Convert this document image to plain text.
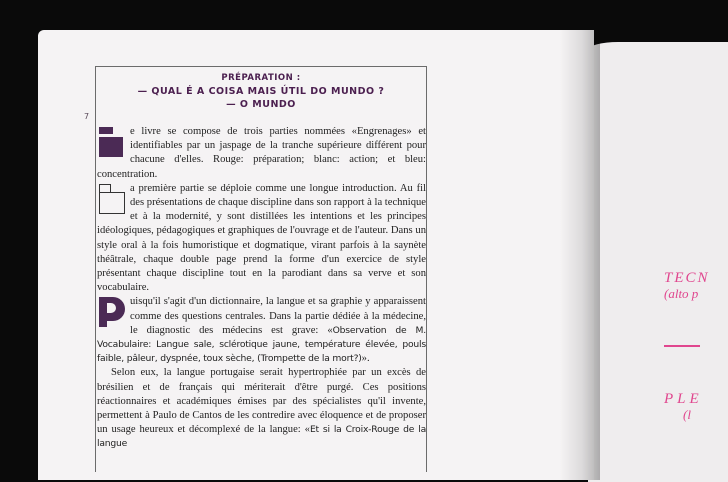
PRÉPARATION :
— QUAL É A COISA MAIS ÚTIL DO MUNDO ?
— O MUNDO
7

e livre se compose de trois parties nommées «Engrenages» et identifiables par un jaspage de la tranche supérieure différent pour chacune d'elles. Rouge: préparation; blanc: action; et bleu: concentration.

a première partie se déploie comme une longue introduction. Au fil des présentations de chaque discipline dans son rapport à la technique et à la modernité, y sont distillées les intentions et les principes idéologiques, pédagogiques et graphiques de l'ouvrage et de l'auteur. Dans un style oral à la fois humoristique et dogmatique, virant parfois à la saynète théâtrale, chaque double page prend la forme d'un exercice de style présentant chaque discipline tout en la parodiant dans sa verve et son vocabulaire.

uisqu'il s'agit d'un dictionnaire, la langue et sa graphie y apparaissent comme des questions centrales. Dans la partie dédiée à la médecine, le diagnostic des médecins est grave: «Observation de M. Vocabulaire: Langue sale, sclérotique jaune, température élevée, pouls faible, pâleur, dyspnée, toux sèche, (Trompette de la mort?)».

Selon eux, la langue portugaise serait hypertrophiée par un excès de brésilien et de français qui mériterait d'être purgé. Ces positions réactionnaires et académiques émises par des spécialistes qu'il invente, permettent à Paulo de Cantos de les contredire avec éloquence et de proposer un usage heureux et décomplexé de la langue: «Et si la Croix-Rouge de la langue

TECN
(alto p
PLE
(l
